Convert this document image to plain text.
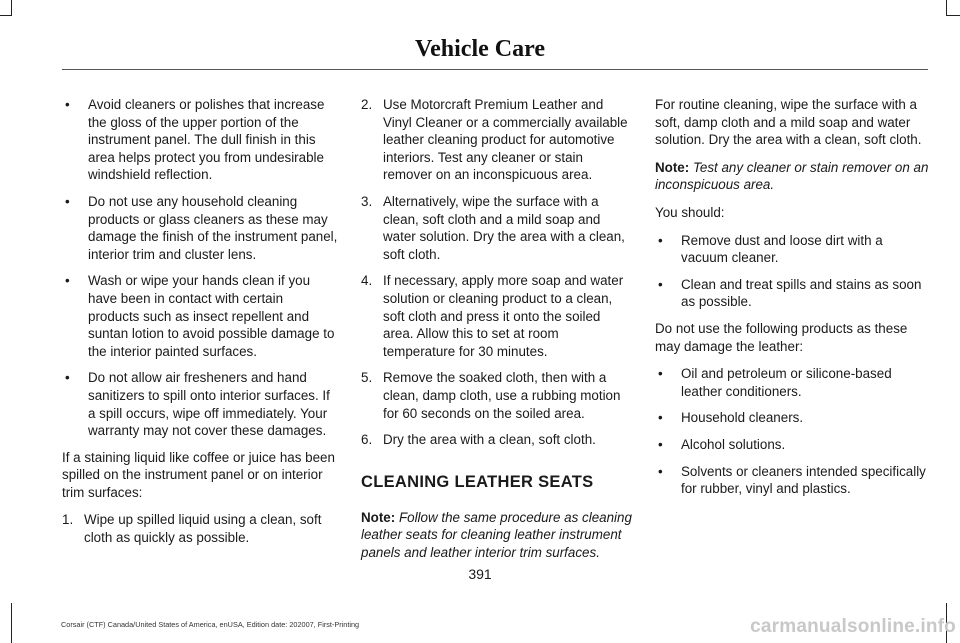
Vehicle Care
• Avoid cleaners or polishes that increase the gloss of the upper portion of the instrument panel. The dull finish in this area helps protect you from undesirable windshield reflection.
• Do not use any household cleaning products or glass cleaners as these may damage the finish of the instrument panel, interior trim and cluster lens.
• Wash or wipe your hands clean if you have been in contact with certain products such as insect repellent and suntan lotion to avoid possible damage to the interior painted surfaces.
• Do not allow air fresheners and hand sanitizers to spill onto interior surfaces. If a spill occurs, wipe off immediately. Your warranty may not cover these damages.

If a staining liquid like coffee or juice has been spilled on the instrument panel or on interior trim surfaces:

1. Wipe up spilled liquid using a clean, soft cloth as quickly as possible.
2. Use Motorcraft Premium Leather and Vinyl Cleaner or a commercially available leather cleaning product for automotive interiors. Test any cleaner or stain remover on an inconspicuous area.
3. Alternatively, wipe the surface with a clean, soft cloth and a mild soap and water solution. Dry the area with a clean, soft cloth.
4. If necessary, apply more soap and water solution or cleaning product to a clean, soft cloth and press it onto the soiled area. Allow this to set at room temperature for 30 minutes.
5. Remove the soaked cloth, then with a clean, damp cloth, use a rubbing motion for 60 seconds on the soiled area.
6. Dry the area with a clean, soft cloth.
CLEANING LEATHER SEATS

Note: Follow the same procedure as cleaning leather seats for cleaning leather instrument panels and leather interior trim surfaces.

For routine cleaning, wipe the surface with a soft, damp cloth and a mild soap and water solution. Dry the area with a clean, soft cloth.

Note: Test any cleaner or stain remover on an inconspicuous area.

You should:

• Remove dust and loose dirt with a vacuum cleaner.
• Clean and treat spills and stains as soon as possible.

Do not use the following products as these may damage the leather:

• Oil and petroleum or silicone-based leather conditioners.
• Household cleaners.
• Alcohol solutions.
• Solvents or cleaners intended specifically for rubber, vinyl and plastics.
391
Corsair (CTF) Canada/United States of America, enUSA, Edition date: 202007, First-Printing	carmanualsonline.info
